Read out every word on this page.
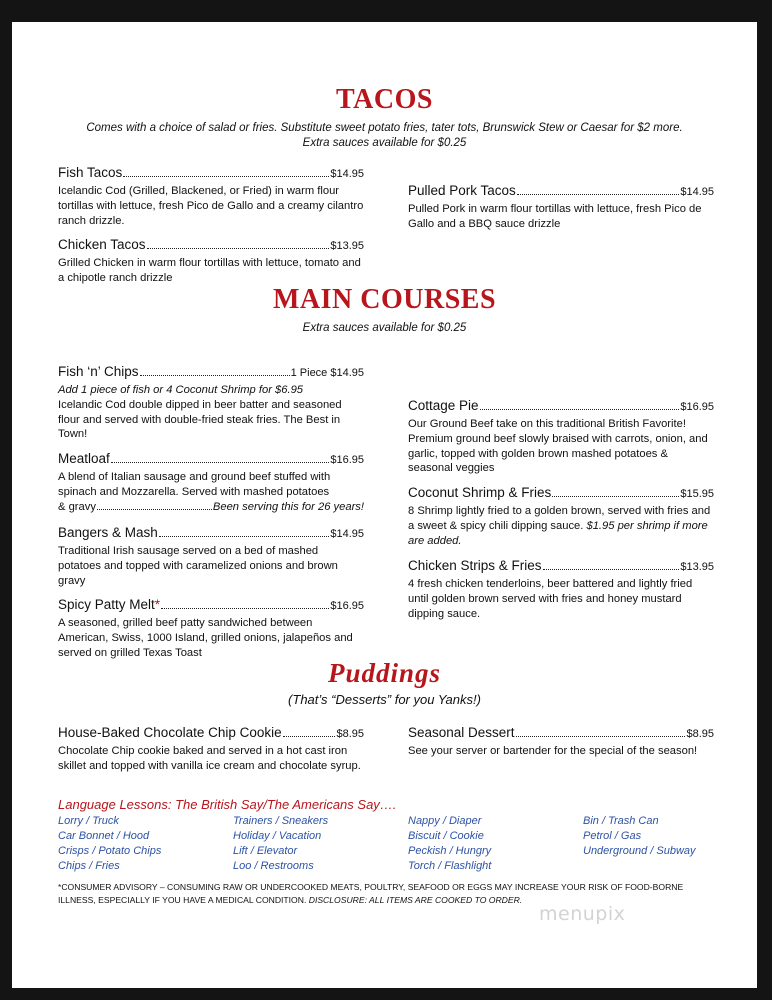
TACOS
Comes with a choice of salad or fries. Substitute sweet potato fries, tater tots, Brunswick Stew or Caesar for $2 more.
Extra sauces available for $0.25
Fish Tacos	$14.95
Icelandic Cod (Grilled, Blackened, or Fried) in warm flour tortillas with lettuce, fresh Pico de Gallo and a creamy cilantro ranch drizzle.
Chicken Tacos	$13.95
Grilled Chicken in warm flour tortillas with lettuce, tomato and a chipotle ranch drizzle
Pulled Pork Tacos	$14.95
Pulled Pork in warm flour tortillas with lettuce, fresh Pico de Gallo and a BBQ sauce drizzle
MAIN COURSES
Extra sauces available for $0.25
Fish ‘n’ Chips	1 Piece $14.95
Add 1 piece of fish or 4 Coconut Shrimp for $6.95
Icelandic Cod double dipped in beer batter and seasoned flour and served with double-fried steak fries. The Best in Town!
Meatloaf	$16.95
A blend of Italian sausage and ground beef stuffed with spinach and Mozzarella. Served with mashed potatoes
& gravy	Been serving this for 26 years!
Bangers & Mash	$14.95
Traditional Irish sausage served on a bed of mashed potatoes and topped with caramelized onions and brown gravy
Spicy Patty Melt*	$16.95
A seasoned, grilled beef patty sandwiched between American, Swiss, 1000 Island, grilled onions, jalapeños and served on grilled Texas Toast
Cottage Pie	$16.95
Our Ground Beef take on this traditional British Favorite! Premium ground beef slowly braised with carrots, onion, and garlic, topped with golden brown mashed potatoes & seasonal veggies
Coconut Shrimp & Fries	$15.95
8 Shrimp lightly fried to a golden brown, served with fries and a sweet & spicy chili dipping sauce. $1.95 per shrimp if more are added.
Chicken Strips & Fries	$13.95
4 fresh chicken tenderloins, beer battered and lightly fried until golden brown served with fries and honey mustard dipping sauce.
Puddings
(That’s “Desserts” for you Yanks!)
House-Baked Chocolate Chip Cookie	$8.95
Chocolate Chip cookie baked and served in a hot cast iron skillet and topped with vanilla ice cream and chocolate syrup.
Seasonal Dessert	$8.95
See your server or bartender for the special of the season!
Language Lessons: The British Say/The Americans Say….
Lorry / Truck
Car Bonnet / Hood
Crisps / Potato Chips
Chips / Fries
Trainers / Sneakers
Holiday / Vacation
Lift / Elevator
Loo / Restrooms
Nappy / Diaper
Biscuit / Cookie
Peckish / Hungry
Torch / Flashlight
Bin / Trash Can
Petrol / Gas
Underground / Subway
*CONSUMER ADVISORY – CONSUMING RAW OR UNDERCOOKED MEATS, POULTRY, SEAFOOD OR EGGS MAY INCREASE YOUR RISK OF FOOD-BORNE ILLNESS, ESPECIALLY IF YOU HAVE A MEDICAL CONDITION. DISCLOSURE: ALL ITEMS ARE COOKED TO ORDER.
menupix
